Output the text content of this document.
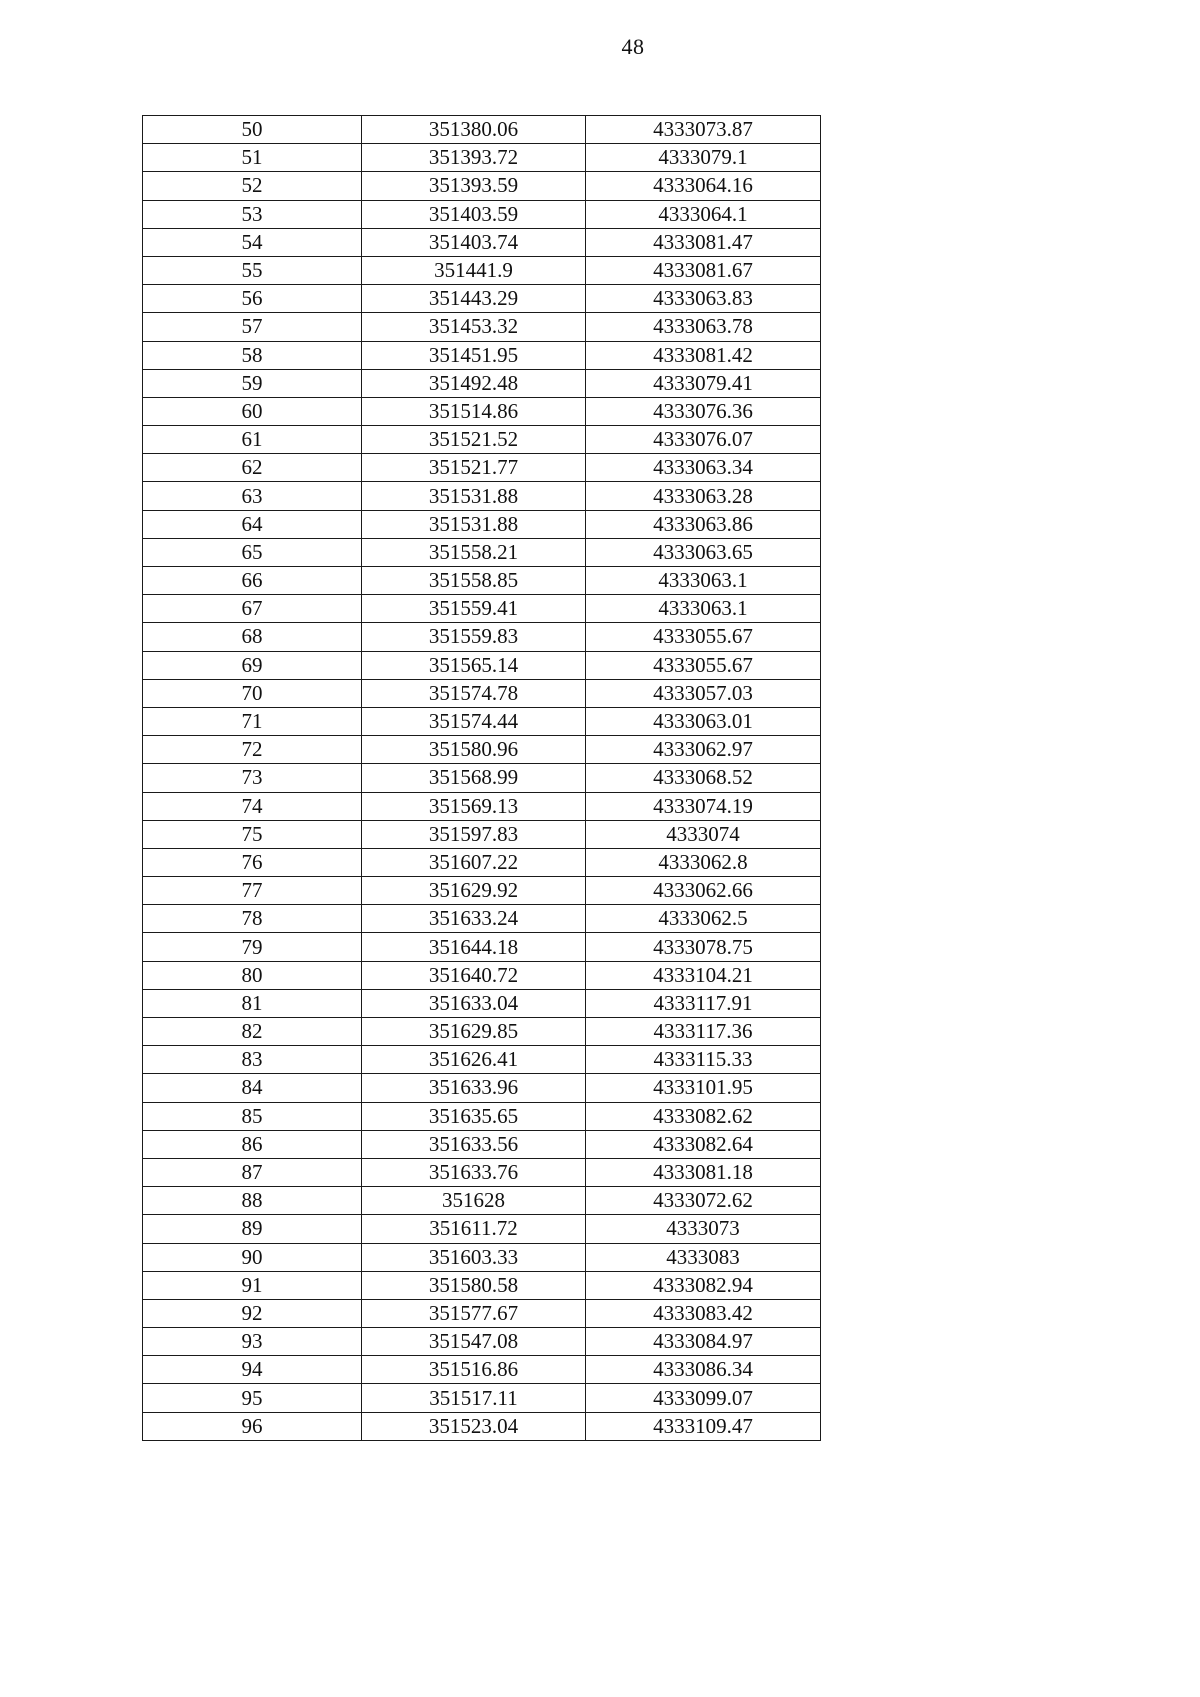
48
50	351380.06	4333073.87
51	351393.72	4333079.1
52	351393.59	4333064.16
53	351403.59	4333064.1
54	351403.74	4333081.47
55	351441.9	4333081.67
56	351443.29	4333063.83
57	351453.32	4333063.78
58	351451.95	4333081.42
59	351492.48	4333079.41
60	351514.86	4333076.36
61	351521.52	4333076.07
62	351521.77	4333063.34
63	351531.88	4333063.28
64	351531.88	4333063.86
65	351558.21	4333063.65
66	351558.85	4333063.1
67	351559.41	4333063.1
68	351559.83	4333055.67
69	351565.14	4333055.67
70	351574.78	4333057.03
71	351574.44	4333063.01
72	351580.96	4333062.97
73	351568.99	4333068.52
74	351569.13	4333074.19
75	351597.83	4333074
76	351607.22	4333062.8
77	351629.92	4333062.66
78	351633.24	4333062.5
79	351644.18	4333078.75
80	351640.72	4333104.21
81	351633.04	4333117.91
82	351629.85	4333117.36
83	351626.41	4333115.33
84	351633.96	4333101.95
85	351635.65	4333082.62
86	351633.56	4333082.64
87	351633.76	4333081.18
88	351628	4333072.62
89	351611.72	4333073
90	351603.33	4333083
91	351580.58	4333082.94
92	351577.67	4333083.42
93	351547.08	4333084.97
94	351516.86	4333086.34
95	351517.11	4333099.07
96	351523.04	4333109.47
